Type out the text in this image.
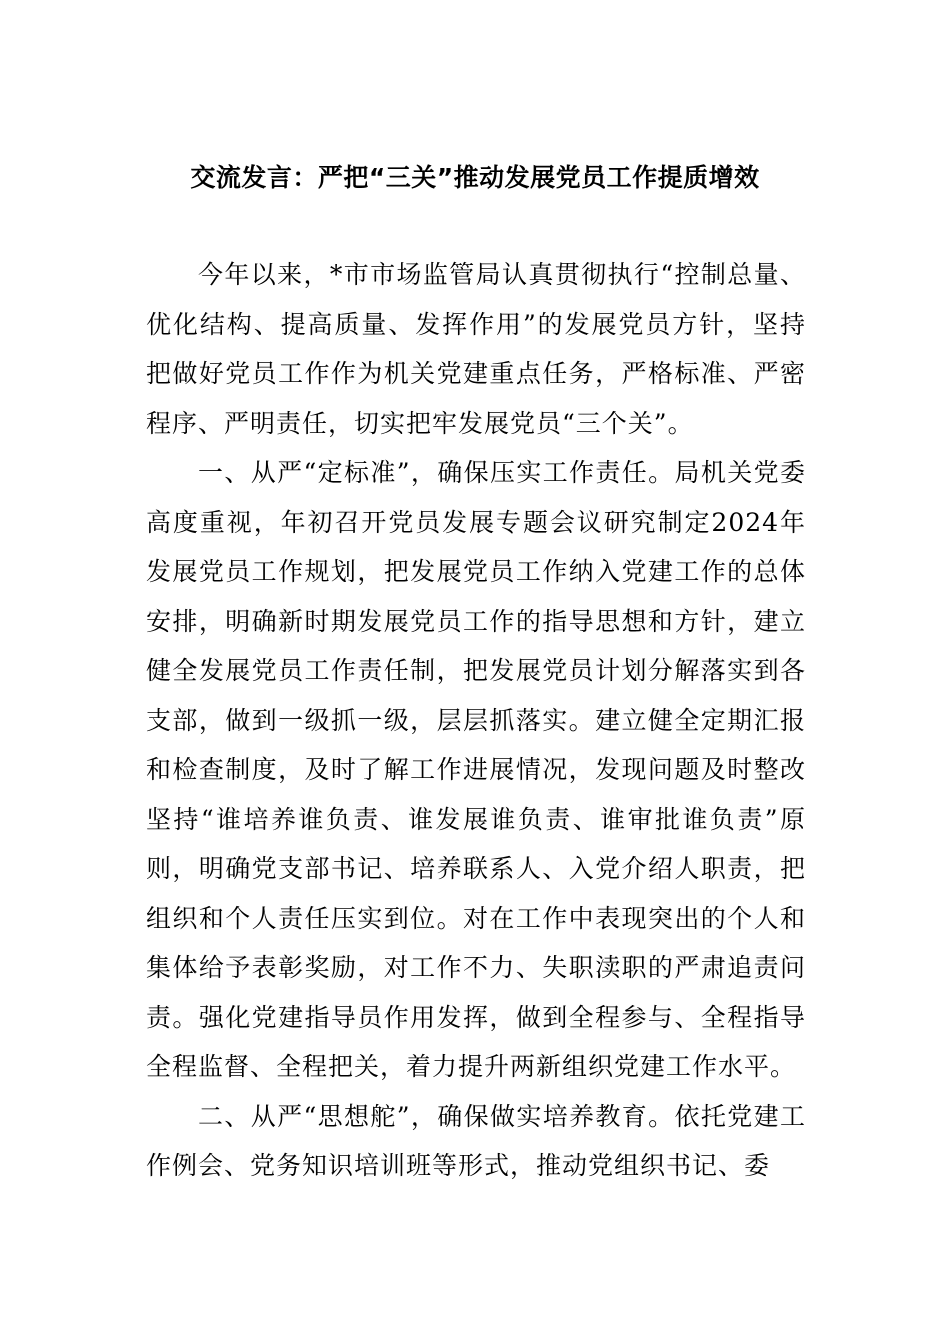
交流发言：严把“三关”推动发展党员工作提质增效

今年以来，*市市场监管局认真贯彻执行“控制总量、优化结构、提高质量、发挥作用”的发展党员方针，坚持把做好党员工作作为机关党建重点任务，严格标准、严密程序、严明责任，切实把牢发展党员“三个关”。

一、从严“定标准”，确保压实工作责任。局机关党委高度重视，年初召开党员发展专题会议研究制定2024年发展党员工作规划，把发展党员工作纳入党建工作的总体安排，明确新时期发展党员工作的指导思想和方针，建立健全发展党员工作责任制，把发展党员计划分解落实到各支部，做到一级抓一级，层层抓落实。建立健全定期汇报和检查制度，及时了解工作进展情况，发现问题及时整改坚持“谁培养谁负责、谁发展谁负责、谁审批谁负责”原则，明确党支部书记、培养联系人、入党介绍人职责，把组织和个人责任压实到位。对在工作中表现突出的个人和集体给予表彰奖励，对工作不力、失职渎职的严肃追责问责。强化党建指导员作用发挥，做到全程参与、全程指导全程监督、全程把关，着力提升两新组织党建工作水平。

二、从严“思想舵”，确保做实培养教育。依托党建工作例会、党务知识培训班等形式，推动党组织书记、委
